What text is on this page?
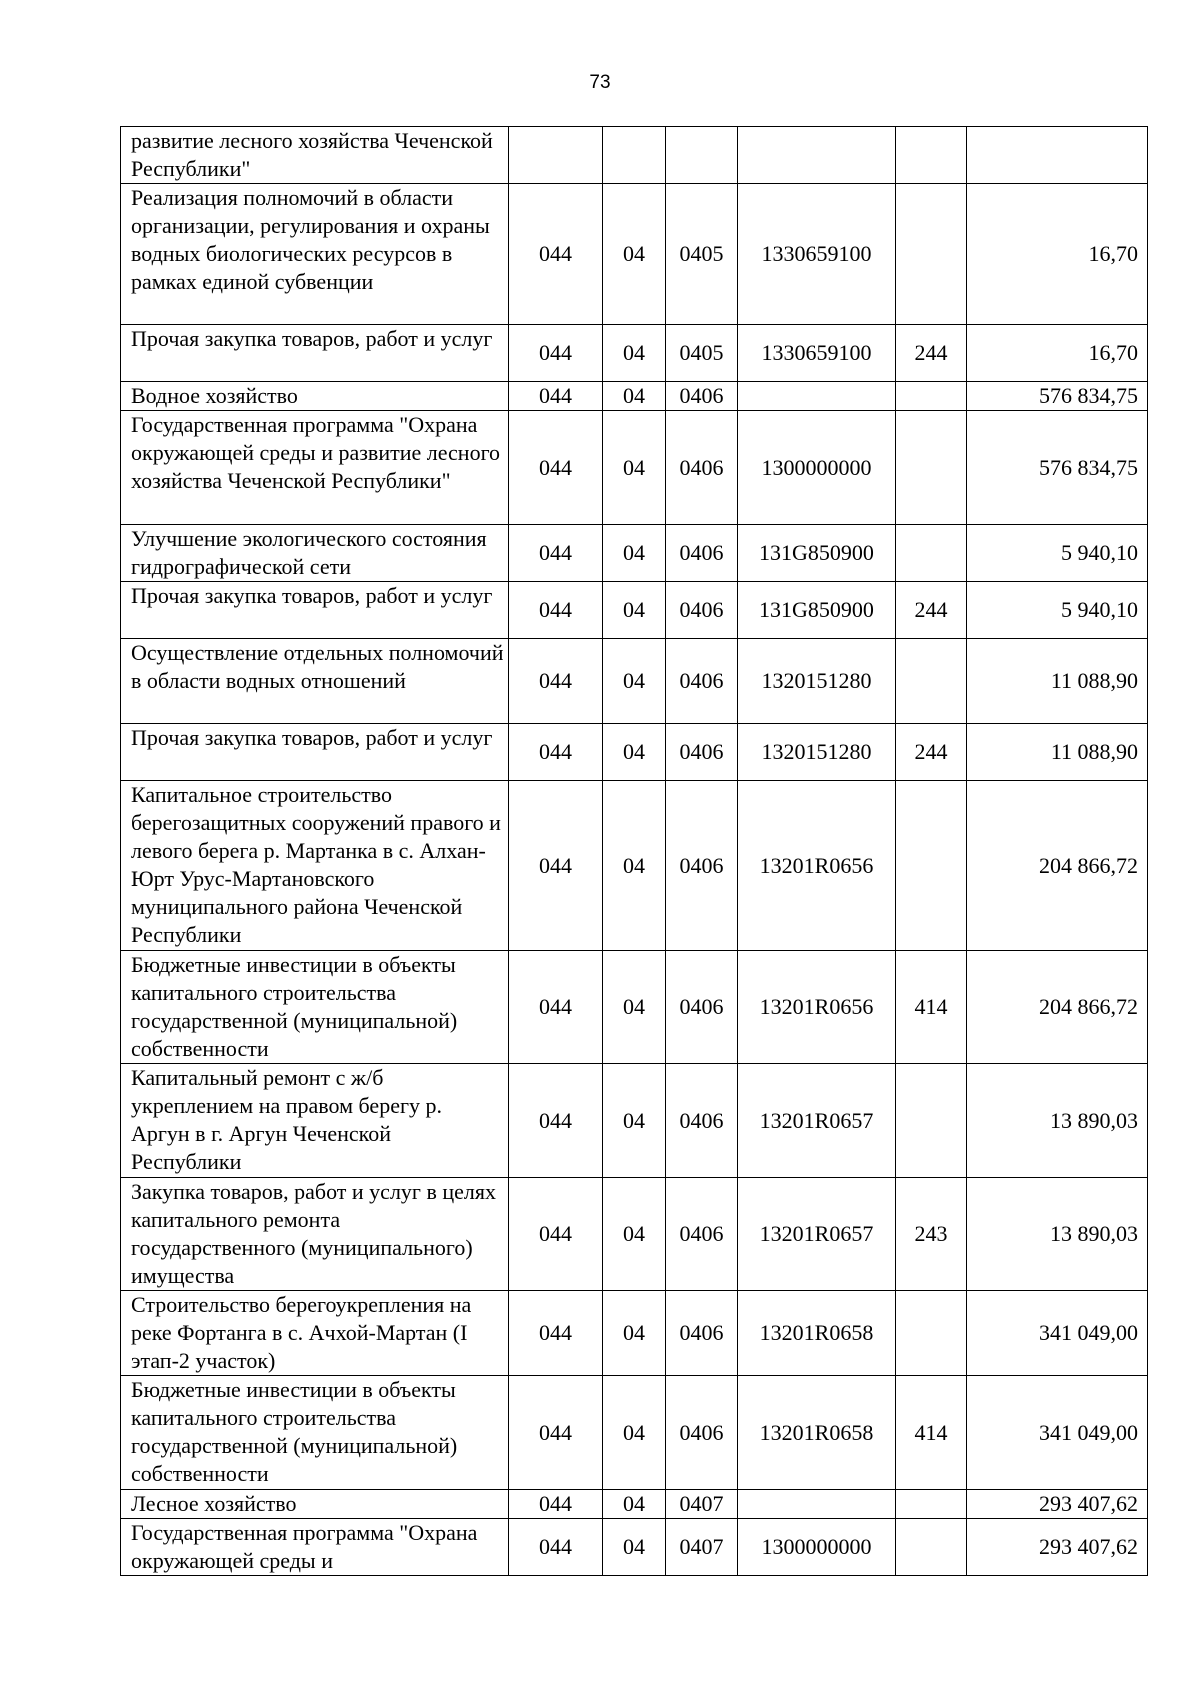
73
развитие лесного хозяйства Чеченской Республики"						
Реализация полномочий в области организации, регулирования и охраны водных биологических ресурсов в рамках единой субвенции	044	04	0405	1330659100		16,70
Прочая закупка товаров, работ и услуг	044	04	0405	1330659100	244	16,70
Водное хозяйство	044	04	0406			576 834,75
Государственная программа "Охрана окружающей среды и развитие лесного хозяйства Чеченской Республики"	044	04	0406	1300000000		576 834,75
Улучшение экологического состояния гидрографической сети	044	04	0406	131G850900		5 940,10
Прочая закупка товаров, работ и услуг	044	04	0406	131G850900	244	5 940,10
Осуществление отдельных полномочий в области водных отношений	044	04	0406	1320151280		11 088,90
Прочая закупка товаров, работ и услуг	044	04	0406	1320151280	244	11 088,90
Капитальное строительство берегозащитных сооружений правого и левого берега р. Мартанка в с. Алхан-Юрт Урус-Мартановского муниципального района Чеченской Республики	044	04	0406	13201R0656		204 866,72
Бюджетные инвестиции в объекты капитального строительства государственной (муниципальной) собственности	044	04	0406	13201R0656	414	204 866,72
Капитальный ремонт с ж/б укреплением на правом берегу р. Аргун в г. Аргун Чеченской Республики	044	04	0406	13201R0657		13 890,03
Закупка товаров, работ и услуг в целях капитального ремонта государственного (муниципального) имущества	044	04	0406	13201R0657	243	13 890,03
Строительство берегоукрепления на реке Фортанга в с. Ачхой-Мартан (I этап-2 участок)	044	04	0406	13201R0658		341 049,00
Бюджетные инвестиции в объекты капитального строительства государственной (муниципальной) собственности	044	04	0406	13201R0658	414	341 049,00
Лесное хозяйство	044	04	0407			293 407,62
Государственная программа "Охрана окружающей среды и	044	04	0407	1300000000		293 407,62
